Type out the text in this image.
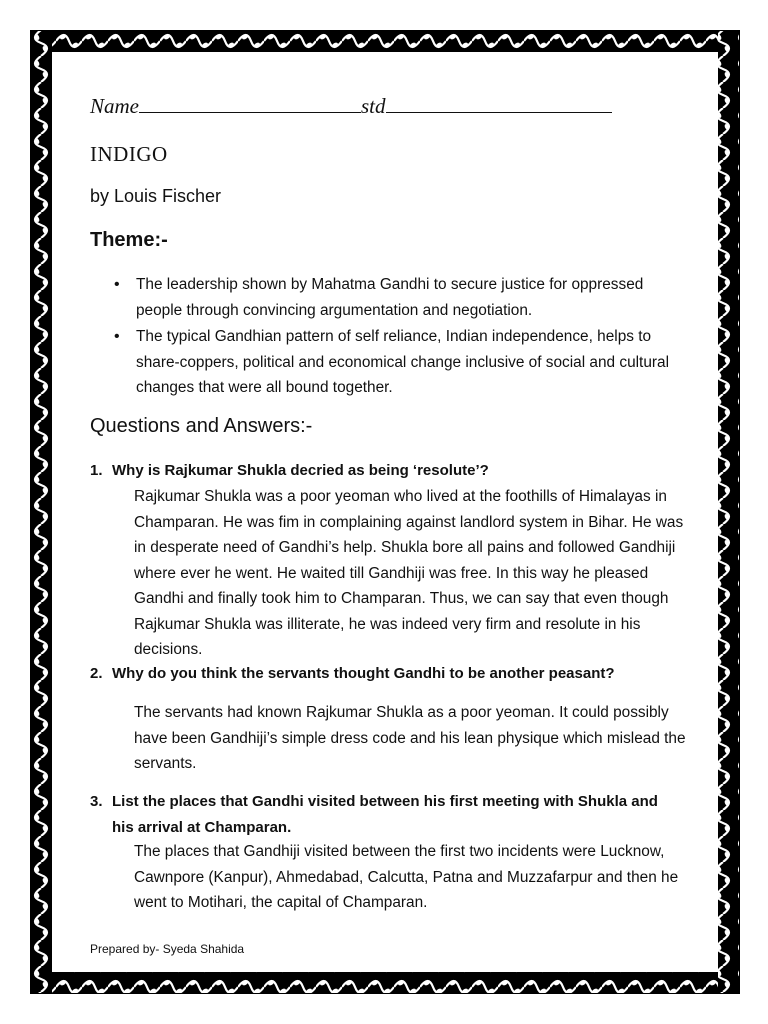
Name	std
INDIGO
by Louis Fischer
Theme:-
• The leadership shown by Mahatma Gandhi to secure justice for oppressed people through convincing argumentation and negotiation.
• The typical Gandhian pattern of self reliance, Indian independence, helps to share-coppers, political and economical change inclusive of social and cultural changes that were all bound together.
Questions and Answers:-
1. Why is Rajkumar Shukla decried as being ‘resolute’?

Rajkumar Shukla was a poor yeoman who lived at the foothills of Himalayas in Champaran. He was fim in complaining against landlord system in Bihar. He was in desperate need of Gandhi’s help. Shukla bore all pains and followed Gandhiji where ever he went. He waited till Gandhiji was free. In this way he pleased Gandhi and finally took him to Champaran. Thus, we can say that even though Rajkumar Shukla was illiterate, he was indeed very firm and resolute in his decisions.

2. Why do you think the servants thought Gandhi to be another peasant?

The servants had known Rajkumar Shukla as a poor yeoman. It could possibly have been Gandhiji’s simple dress code and his lean physique which mislead the servants.

3. List the places that Gandhi visited between his first meeting with Shukla and
his arrival at Champaran.

The places that Gandhiji visited between the first two incidents were Lucknow, Cawnpore (Kanpur), Ahmedabad, Calcutta, Patna and Muzzafarpur and then he went to Motihari, the capital of Champaran.

Prepared by- Syeda Shahida
